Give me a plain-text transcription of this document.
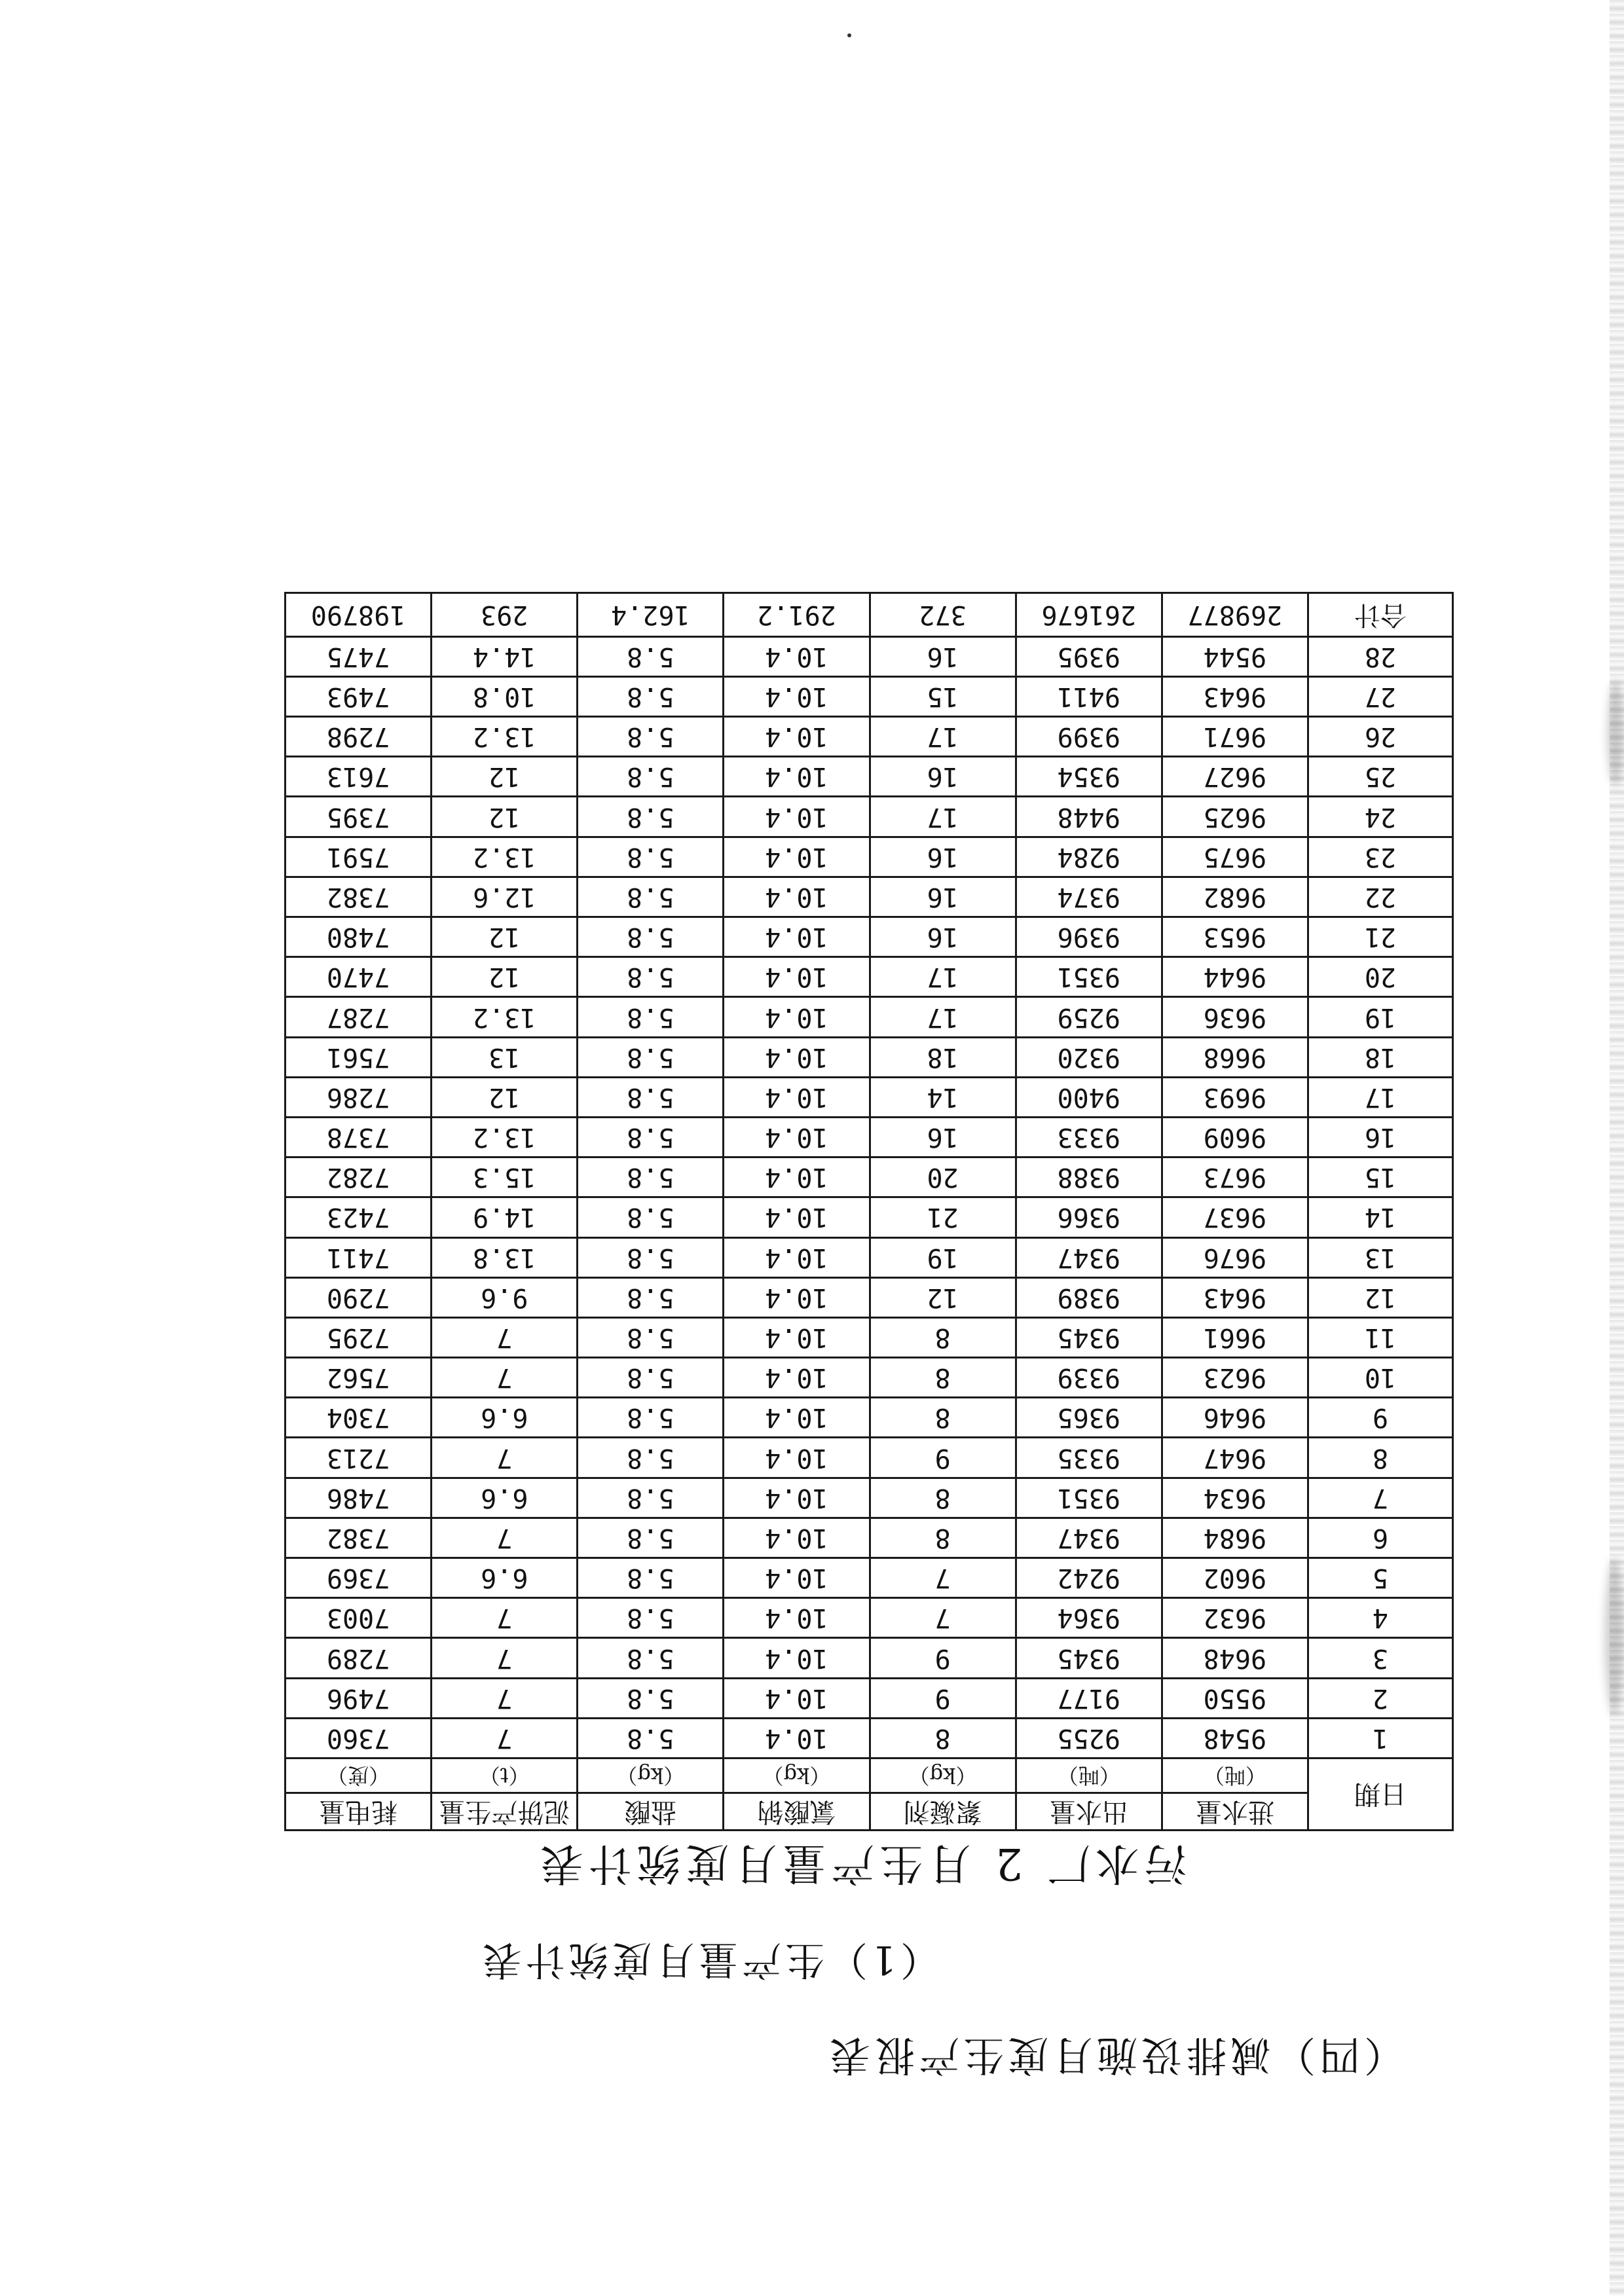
（四）减排设施月度生产报表
（1）生产量月度统计表
污水厂 2 月生产量月度统计表
日期	进水量	出水量	絮凝剂	氯酸钠	盐酸	泥饼产生量	耗电量
	（吨）	（吨）	（kg）	（kg）	（kg）	（t）	（度）
1	9548	9255	8	10.4	5.8	7	7360
2	9550	9177	9	10.4	5.8	7	7496
3	9648	9345	9	10.4	5.8	7	7289
4	9632	9364	7	10.4	5.8	7	7003
5	9602	9242	7	10.4	5.8	6.6	7369
6	9684	9347	8	10.4	5.8	7	7382
7	9634	9351	8	10.4	5.8	6.6	7486
8	9647	9335	9	10.4	5.8	7	7213
9	9646	9365	8	10.4	5.8	6.6	7304
10	9623	9339	8	10.4	5.8	7	7562
11	9661	9345	8	10.4	5.8	7	7295
12	9643	9389	12	10.4	5.8	9.6	7290
13	9676	9347	19	10.4	5.8	13.8	7411
14	9637	9366	21	10.4	5.8	14.9	7423
15	9673	9388	20	10.4	5.8	15.3	7282
16	9609	9333	16	10.4	5.8	13.2	7378
17	9693	9400	14	10.4	5.8	12	7286
18	9668	9320	18	10.4	5.8	13	7561
19	9636	9259	17	10.4	5.8	13.2	7287
20	9644	9351	17	10.4	5.8	12	7470
21	9653	9396	16	10.4	5.8	12	7480
22	9682	9374	16	10.4	5.8	12.6	7382
23	9675	9284	16	10.4	5.8	13.2	7591
24	9625	9448	17	10.4	5.8	12	7395
25	9627	9354	16	10.4	5.8	12	7613
26	9671	9399	17	10.4	5.8	13.2	7298
27	9643	9411	15	10.4	5.8	10.8	7493
28	9544	9395	16	10.4	5.8	14.4	7475
合计	269877	261676	372	291.2	162.4	293	198790
